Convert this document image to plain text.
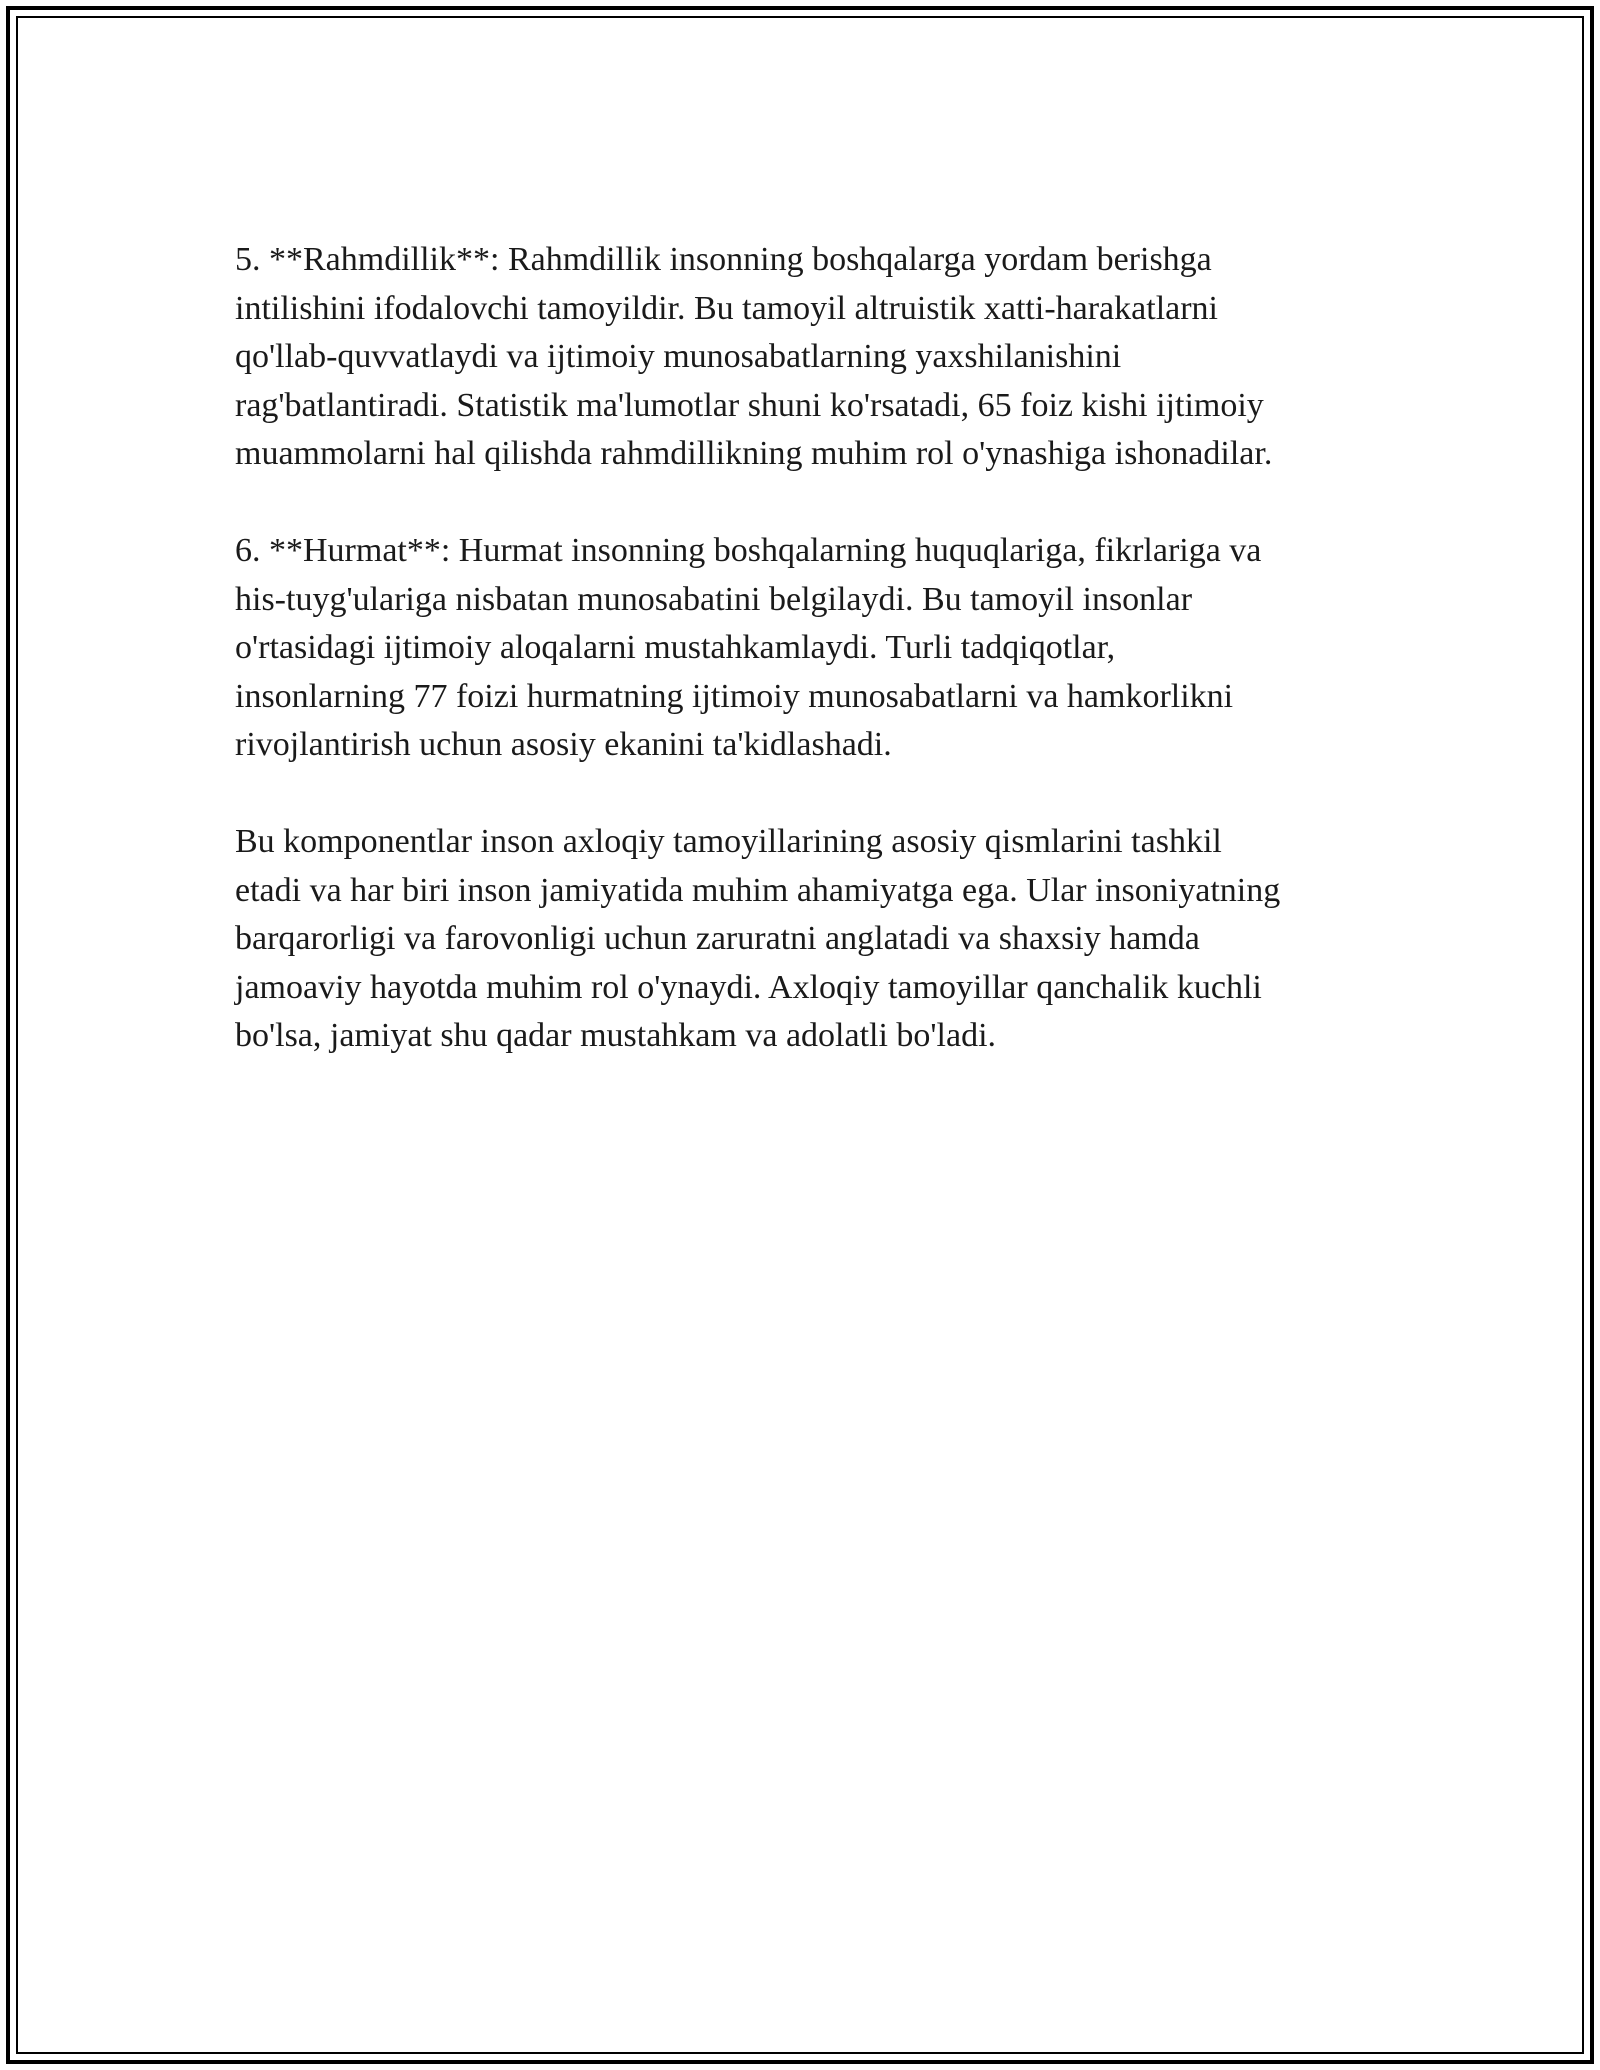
5. **Rahmdillik**: Rahmdillik insonning boshqalarga yordam berishga
intilishini ifodalovchi tamoyildir. Bu tamoyil altruistik xatti-harakatlarni
qo'llab-quvvatlaydi va ijtimoiy munosabatlarning yaxshilanishini
rag'batlantiradi. Statistik ma'lumotlar shuni ko'rsatadi, 65 foiz kishi ijtimoiy
muammolarni hal qilishda rahmdillikning muhim rol o'ynashiga ishonadilar.

6. **Hurmat**: Hurmat insonning boshqalarning huquqlariga, fikrlariga va
his-tuyg'ulariga nisbatan munosabatini belgilaydi. Bu tamoyil insonlar
o'rtasidagi ijtimoiy aloqalarni mustahkamlaydi. Turli tadqiqotlar,
insonlarning 77 foizi hurmatning ijtimoiy munosabatlarni va hamkorlikni
rivojlantirish uchun asosiy ekanini ta'kidlashadi.

Bu komponentlar inson axloqiy tamoyillarining asosiy qismlarini tashkil
etadi va har biri inson jamiyatida muhim ahamiyatga ega. Ular insoniyatning
barqarorligi va farovonligi uchun zaruratni anglatadi va shaxsiy hamda
jamoaviy hayotda muhim rol o'ynaydi. Axloqiy tamoyillar qanchalik kuchli
bo'lsa, jamiyat shu qadar mustahkam va adolatli bo'ladi.
